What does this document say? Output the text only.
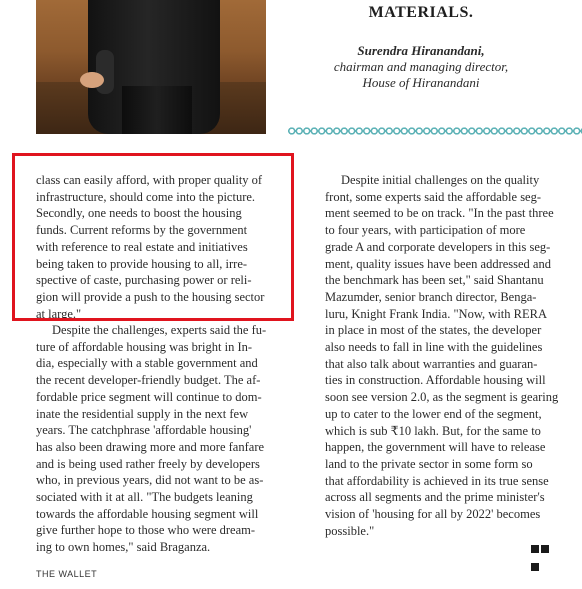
MATERIALS.
Surendra Hiranandani,
chairman and managing director,
House of Hiranandani
class can easily afford, with proper quality of
infrastructure, should come into the picture.
Secondly, one needs to boost the housing
funds. Current reforms by the government
with reference to real estate and initiatives
being taken to provide housing to all, irre-
spective of caste, purchasing power or reli-
gion will provide a push to the housing sector
at large."
Despite the challenges, experts said the fu-
ture of affordable housing was bright in In-
dia, especially with a stable government and
the recent developer-friendly budget. The af-
fordable price segment will continue to dom-
inate the residential supply in the next few
years. The catchphrase 'affordable housing'
has also been drawing more and more fanfare
and is being used rather freely by developers
who, in previous years, did not want to be as-
sociated with it at all. "The budgets leaning
towards the affordable housing segment will
give further hope to those who were dream-
ing to own homes," said Braganza.
Despite initial challenges on the quality
front, some experts said the affordable seg-
ment seemed to be on track. "In the past three
to four years, with participation of more
grade A and corporate developers in this seg-
ment, quality issues have been addressed and
the benchmark has been set," said Shantanu
Mazumder, senior branch director, Benga-
luru, Knight Frank India. "Now, with RERA
in place in most of the states, the developer
also needs to fall in line with the guidelines
that also talk about warranties and guaran-
ties in construction. Affordable housing will
soon see version 2.0, as the segment is gearing
up to cater to the lower end of the segment,
which is sub ₹10 lakh. But, for the same to
happen, the government will have to release
land to the private sector in some form so
that affordability is achieved in its true sense
across all segments and the prime minister's
vision of 'housing for all by 2022' becomes
possible."
THE WALLET
